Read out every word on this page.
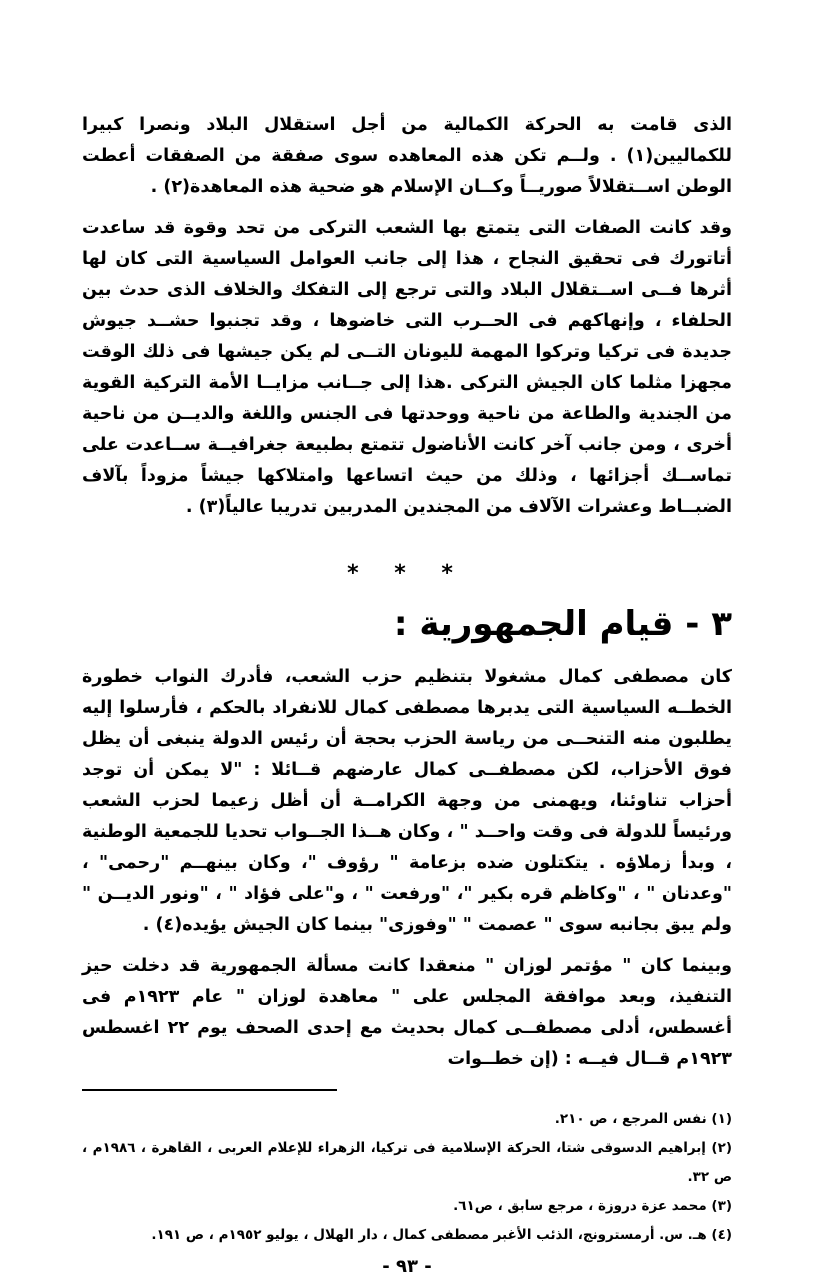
الذى قامت به الحركة الكمالية من أجل استقلال البلاد ونصرا كبيرا للكماليين(١) . ولــم تكن هذه المعاهده سوى صفقة من الصفقات أعطت الوطن اســتقلالاً صوريــاً وكــان الإسلام هو ضحية هذه المعاهدة(٢) .

وقد كانت الصفات التى يتمتع بها الشعب التركى من تحد وقوة قد ساعدت أتاتورك فى تحقيق النجاح ، هذا إلى جانب العوامل السياسية التى كان لها أثرها فــى اســتقلال البلاد والتى ترجع إلى التفكك والخلاف الذى حدث بين الحلفاء ، وإنهاكهم فى الحــرب التى خاضوها ، وقد تجنبوا حشــد جيوش جديدة فى تركيا وتركوا المهمة لليونان التــى لم يكن جيشها فى ذلك الوقت مجهزا مثلما كان الجيش التركى .هذا إلى جــانب مزايــا الأمة التركية القوية من الجندية والطاعة من ناحية ووحدتها فى الجنس واللغة والديــن من ناحية أخرى ، ومن جانب آخر كانت الأناضول تتمتع بطبيعة جغرافيــة ســاعدت على تماســك أجزائها ، وذلك من حيث اتساعها وامتلاكها جيشاً مزوداً بآلاف الضبــاط وعشرات الآلاف من المجندين المدربين تدريبا عالياً(٣) .

* * *
٣ - قيام الجمهورية :

كان مصطفى كمال مشغولا بتنظيم حزب الشعب، فأدرك النواب خطورة الخطــه السياسية التى يدبرها مصطفى كمال للانفراد بالحكم ، فأرسلوا إليه يطلبون منه التنحــى من رياسة الحزب بحجة أن رئيس الدولة ينبغى أن يظل فوق الأحزاب، لكن مصطفــى كمال عارضهم قــائلا : "لا يمكن أن توجد أحزاب تناوئنا، ويهمنى من وجهة الكرامــة أن أظل زعيما لحزب الشعب ورئيساً للدولة فى وقت واحــد " ، وكان هــذا الجــواب تحديا للجمعية الوطنية ، وبدأ زملاؤه . يتكتلون ضده بزعامة " رؤوف "، وكان بينهــم "رحمى" ، "وعدنان " ، "وكاظم قره بكير "، "ورفعت " ، و"على فؤاد " ، "ونور الديــن " ولم يبق بجانبه سوى " عصمت " "وفوزى" بينما كان الجيش يؤيده(٤) .

وبينما كان " مؤتمر لوزان " منعقدا كانت مسألة الجمهورية قد دخلت حيز التنفيذ، وبعد موافقة المجلس على " معاهدة لوزان " عام ١٩٢٣م فى أغسطس، أدلى مصطفــى كمال بحديث مع إحدى الصحف يوم ٢٢ اغسطس ١٩٢٣م قــال فيــه : (إن خطــوات

(١) نفس المرجع ، ص ٢١٠.
(٢) إبراهيم الدسوقى شتا، الحركة الإسلامية فى تركيا، الزهراء للإعلام العربى ، القاهرة ، ١٩٨٦م ، ص ٣٢.
(٣) محمد عزة دروزة ، مرجع سابق ، ص٦١.
(٤) هـ. س. أرمسترونج، الذئب الأغبر مصطفى كمال ، دار الهلال ، يوليو ١٩٥٢م ، ص ١٩١.
- ٩٣ -
